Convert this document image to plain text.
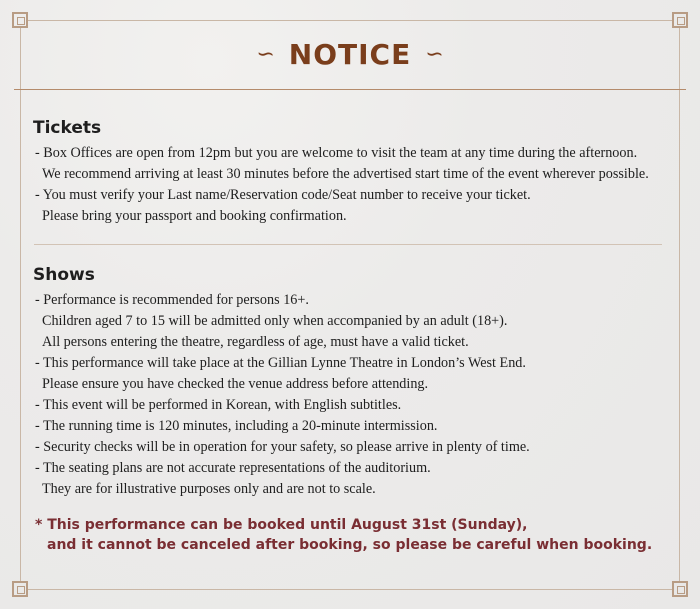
∽ NOTICE ∽
Tickets
- Box Offices are open from 12pm but you are welcome to visit the team at any time during the afternoon.
We recommend arriving at least 30 minutes before the advertised start time of the event wherever possible.
- You must verify your Last name/Reservation code/Seat number to receive your ticket.
Please bring your passport and booking confirmation.
Shows
- Performance is recommended for persons 16+.
Children aged 7 to 15 will be admitted only when accompanied by an adult (18+).
All persons entering the theatre, regardless of age, must have a valid ticket.
- This performance will take place at the Gillian Lynne Theatre in London’s West End.
Please ensure you have checked the venue address before attending.
- This event will be performed in Korean, with English subtitles.
- The running time is 120 minutes, including a 20-minute intermission.
- Security checks will be in operation for your safety, so please arrive in plenty of time.
- The seating plans are not accurate representations of the auditorium.
They are for illustrative purposes only and are not to scale.
* This performance can be booked until August 31st (Sunday),
and it cannot be canceled after booking, so please be careful when booking.
